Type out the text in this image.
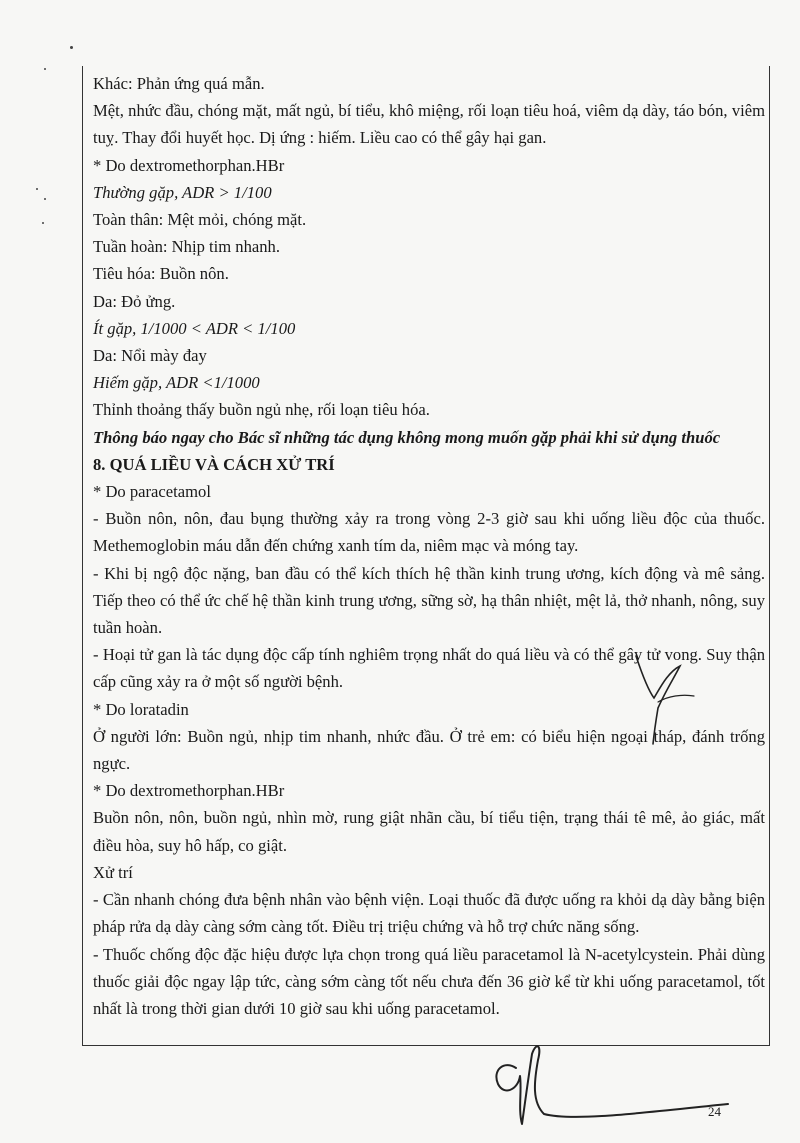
Khác: Phản ứng quá mẫn.

Mệt, nhức đầu, chóng mặt, mất ngủ, bí tiểu, khô miệng, rối loạn tiêu hoá, viêm dạ dày, táo bón, viêm tuỵ. Thay đổi huyết học. Dị ứng : hiếm. Liều cao có thể gây hại gan.

* Do dextromethorphan.HBr

Thường gặp, ADR > 1/100

Toàn thân: Mệt mỏi, chóng mặt.

Tuần hoàn: Nhịp tim nhanh.

Tiêu hóa: Buồn nôn.

Da: Đỏ ửng.

Ít gặp, 1/1000 < ADR < 1/100

Da: Nổi mày đay

Hiếm gặp, ADR <1/1000

Thỉnh thoảng thấy buồn ngủ nhẹ, rối loạn tiêu hóa.

Thông báo ngay cho Bác sĩ những tác dụng không mong muốn gặp phải khi sử dụng thuốc

8. QUÁ LIỀU VÀ CÁCH XỬ TRÍ

* Do paracetamol

- Buồn nôn, nôn, đau bụng thường xảy ra trong vòng 2-3 giờ sau khi uống liều độc của thuốc. Methemoglobin máu dẫn đến chứng xanh tím da, niêm mạc và móng tay.

- Khi bị ngộ độc nặng, ban đầu có thể kích thích hệ thần kinh trung ương, kích động và mê sảng. Tiếp theo có thể ức chế hệ thần kinh trung ương, sững sờ, hạ thân nhiệt, mệt lả, thở nhanh, nông, suy tuần hoàn.

- Hoại tử gan là tác dụng độc cấp tính nghiêm trọng nhất do quá liều và có thể gây tử vong. Suy thận cấp cũng xảy ra ở một số người bệnh.

* Do loratadin

Ở người lớn: Buồn ngủ, nhịp tim nhanh, nhức đầu. Ở trẻ em: có biểu hiện ngoại tháp, đánh trống ngực.

* Do dextromethorphan.HBr

Buồn nôn, nôn, buồn ngủ, nhìn mờ, rung giật nhãn cầu, bí tiểu tiện, trạng thái tê mê, ảo giác, mất điều hòa, suy hô hấp, co giật.

Xử trí

- Cần nhanh chóng đưa bệnh nhân vào bệnh viện. Loại thuốc đã được uống ra khỏi dạ dày bằng biện pháp rửa dạ dày càng sớm càng tốt. Điều trị triệu chứng và hỗ trợ chức năng sống.

- Thuốc chống độc đặc hiệu được lựa chọn trong quá liều paracetamol là N-acetylcystein. Phải dùng thuốc giải độc ngay lập tức, càng sớm càng tốt nếu chưa đến 36 giờ kể từ khi uống paracetamol, tốt nhất là trong thời gian dưới 10 giờ sau khi uống paracetamol.

24
